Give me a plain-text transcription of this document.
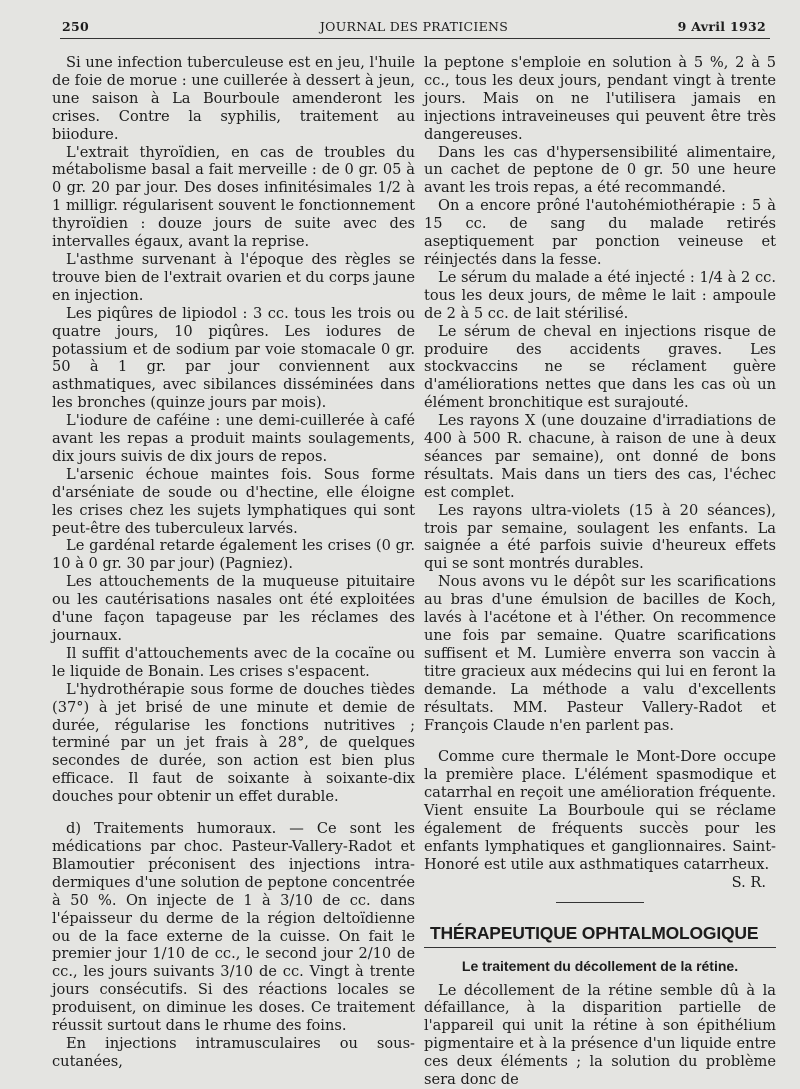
250	JOURNAL DES PRATICIENS	9 Avril 1932

Si une infection tuberculeuse est en jeu, l'huile de foie de morue : une cuillerée à dessert à jeun, une saison à La Bourboule amenderont les crises. Contre la syphilis, traitement au biiodure.

L'extrait thyroïdien, en cas de troubles du métabolisme basal a fait merveille : de 0 gr. 05 à 0 gr. 20 par jour. Des doses infinitésimales 1/2 à 1 milligr. régularisent souvent le fonctionnement thyroïdien : douze jours de suite avec des intervalles égaux, avant la reprise.

L'asthme survenant à l'époque des règles se trouve bien de l'extrait ovarien et du corps jaune en injection.

Les piqûres de lipiodol : 3 cc. tous les trois ou quatre jours, 10 piqûres. Les iodures de potassium et de sodium par voie stomacale 0 gr. 50 à 1 gr. par jour conviennent aux asthmatiques, avec sibilances disséminées dans les bronches (quinze jours par mois).

L'iodure de caféine : une demi-cuillerée à café avant les repas a produit maints soulagements, dix jours suivis de dix jours de repos.

L'arsenic échoue maintes fois. Sous forme d'arséniate de soude ou d'hectine, elle éloigne les crises chez les sujets lymphatiques qui sont peut-être des tuberculeux larvés.

Le gardénal retarde également les crises (0 gr. 10 à 0 gr. 30 par jour) (Pagniez).

Les attouchements de la muqueuse pituitaire ou les cautérisations nasales ont été exploitées d'une façon tapageuse par les réclames des journaux.

Il suffit d'attouchements avec de la cocaïne ou le liquide de Bonain. Les crises s'espacent.

L'hydrothérapie sous forme de douches tièdes (37°) à jet brisé de une minute et demie de durée, régularise les fonctions nutritives ; terminé par un jet frais à 28°, de quelques secondes de durée, son action est bien plus efficace. Il faut de soixante à soixante-dix douches pour obtenir un effet durable.

d) Traitements humoraux. — Ce sont les médications par choc. Pasteur-Vallery-Radot et Blamoutier préconisent des injections intra-dermiques d'une solution de peptone concentrée à 50 %. On injecte de 1 à 3/10 de cc. dans l'épaisseur du derme de la région deltoïdienne ou de la face externe de la cuisse. On fait le premier jour 1/10 de cc., le second jour 2/10 de cc., les jours suivants 3/10 de cc. Vingt à trente jours consécutifs. Si des réactions locales se produisent, on diminue les doses. Ce traitement réussit surtout dans le rhume des foins.

En injections intramusculaires ou sous-cutanées,

la peptone s'emploie en solution à 5 %, 2 à 5 cc., tous les deux jours, pendant vingt à trente jours. Mais on ne l'utilisera jamais en injections intraveineuses qui peuvent être très dangereuses.

Dans les cas d'hypersensibilité alimentaire, un cachet de peptone de 0 gr. 50 une heure avant les trois repas, a été recommandé.

On a encore prôné l'autohémiothérapie : 5 à 15 cc. de sang du malade retirés aseptiquement par ponction veineuse et réinjectés dans la fesse.

Le sérum du malade a été injecté : 1/4 à 2 cc. tous les deux jours, de même le lait : ampoule de 2 à 5 cc. de lait stérilisé.

Le sérum de cheval en injections risque de produire des accidents graves. Les stockvaccins ne se réclament guère d'améliorations nettes que dans les cas où un élément bronchitique est surajouté.

Les rayons X (une douzaine d'irradiations de 400 à 500 R. chacune, à raison de une à deux séances par semaine), ont donné de bons résultats. Mais dans un tiers des cas, l'échec est complet.

Les rayons ultra-violets (15 à 20 séances), trois par semaine, soulagent les enfants. La saignée a été parfois suivie d'heureux effets qui se sont montrés durables.

Nous avons vu le dépôt sur les scarifications au bras d'une émulsion de bacilles de Koch, lavés à l'acétone et à l'éther. On recommence une fois par semaine. Quatre scarifications suffisent et M. Lumière enverra son vaccin à titre gracieux aux médecins qui lui en feront la demande. La méthode a valu d'excellents résultats. MM. Pasteur Vallery-Radot et François Claude n'en parlent pas.

Comme cure thermale le Mont-Dore occupe la première place. L'élément spasmodique et catarrhal en reçoit une amélioration fréquente. Vient ensuite La Bourboule qui se réclame également de fréquents succès pour les enfants lymphatiques et ganglionnaires. Saint-Honoré est utile aux asthmatiques catarrheux.

S. R.

THÉRAPEUTIQUE OPHTALMOLOGIQUE
Le traitement du décollement de la rétine.

Le décollement de la rétine semble dû à la défaillance, à la disparition partielle de l'appareil qui unit la rétine à son épithélium pigmentaire et à la présence d'un liquide entre ces deux éléments ; la solution du problème sera donc de
